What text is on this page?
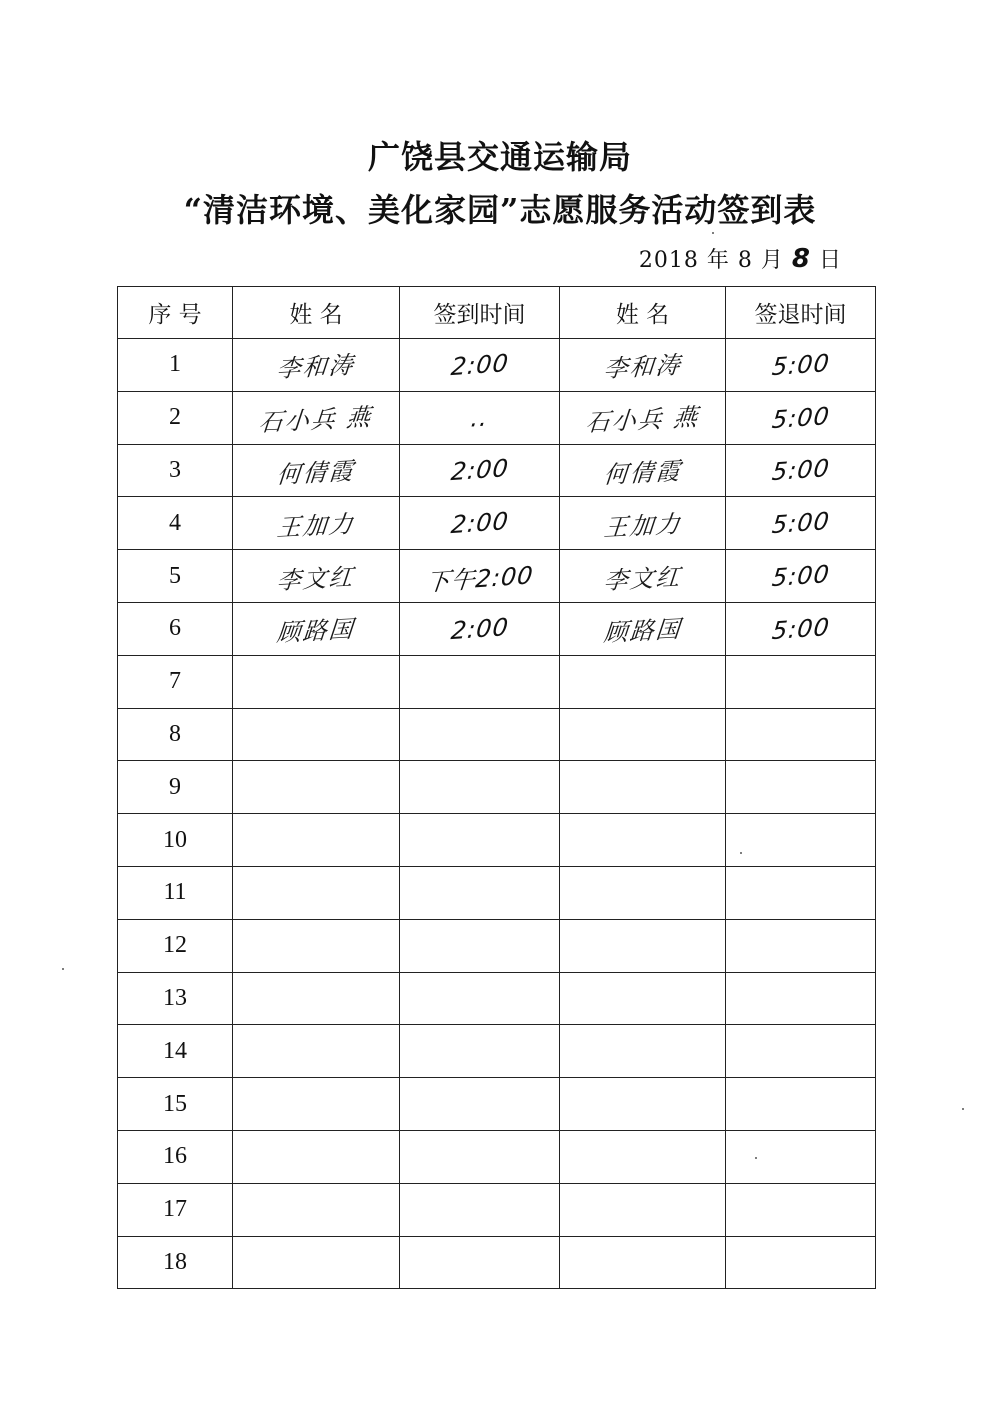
广饶县交通运输局
“清洁环境、美化家园”志愿服务活动签到表
2018 年 8 月 8 日
序 号	姓 名	签到时间	姓 名	签退时间
1	李和涛	2:00	李和涛	5:00
2	石小兵 燕	..	石小兵 燕	5:00
3	何倩霞	2:00	何倩霞	5:00
4	王加力	2:00	王加力	5:00
5	李文红	下午2:00	李文红	5:00
6	顾路国	2:00	顾路国	5:00
7				
8				
9				
10				
11				
12				
13				
14				
15				
16				
17				
18				
